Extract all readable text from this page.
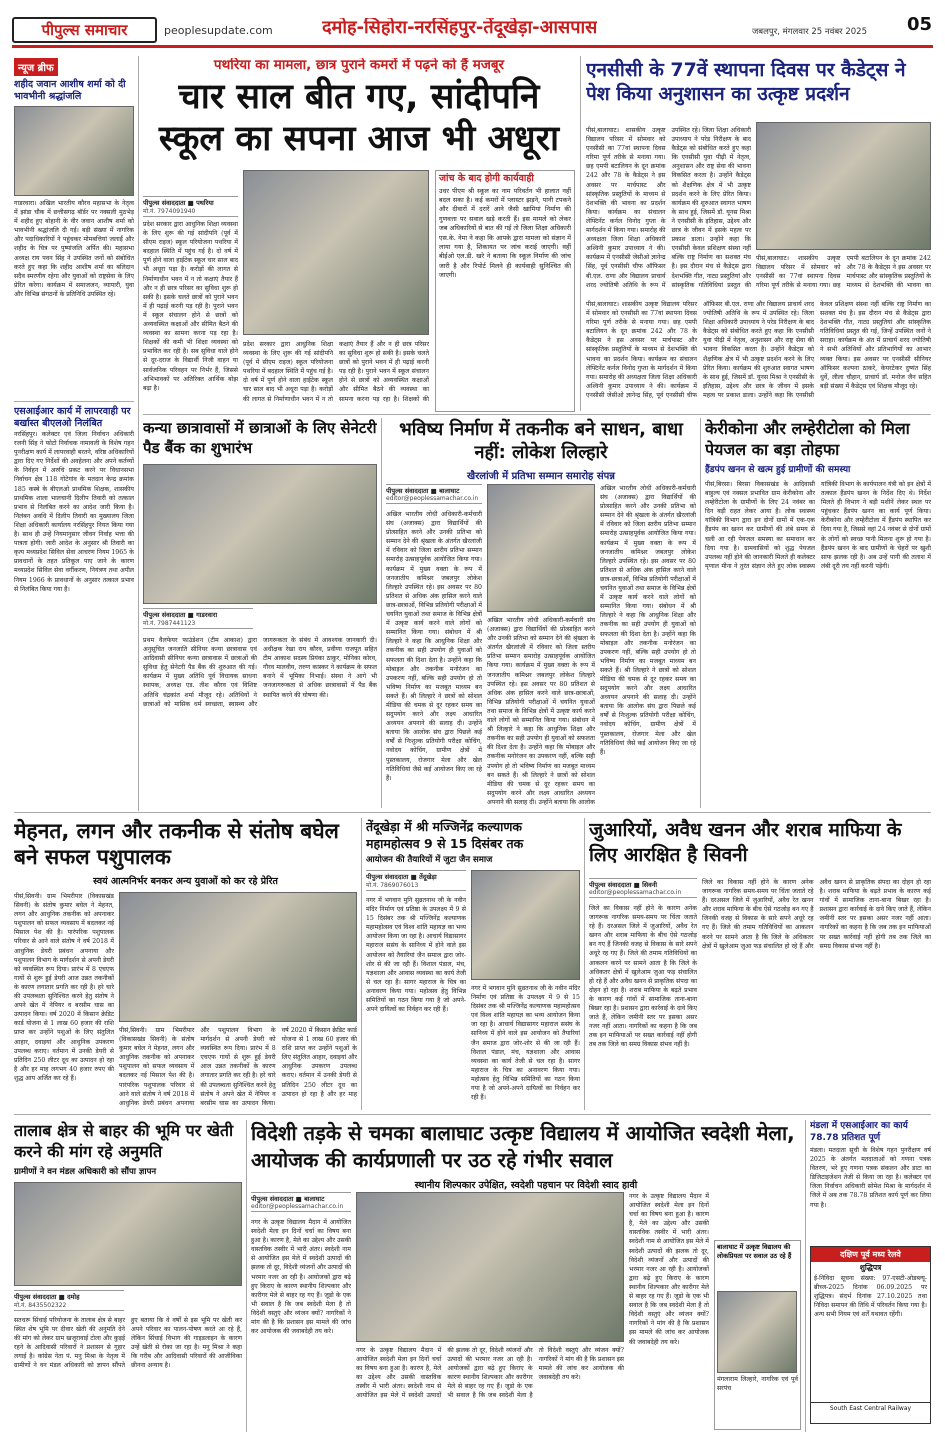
पीपुल्स समाचार	peoplesupdate.com	दमोह-सिहोरा-नरसिंहपुर-तेंदूखेड़ा-आसपास	जबलपुर, मंगलवार 25 नवंबर 2025 05
न्यूज ब्रीफ
शहीद जवान आशीष शर्मा को दी भावभीनी श्रद्धांजलि
गाडरवारा। अखिल भारतीय कौरव महासभा के नेतृत्व में झांडा चौक में छत्तीसगढ़ बॉर्डर पर नक्सली मुठभेड़ में शहीद हुए बोहानी के वीर जवान आशीष शर्मा को भावभीनी श्रद्धांजलि दी गई। बड़ी संख्या में नागरिक और पदाधिकारियों ने पहुंचकर मोमबत्तियां जलाईं और शहीद के चित्र पर पुष्पांजलि अर्पित की। महासभा अध्यक्ष राय पवन सिंह ने उपस्थित जनों को संबोधित करते हुए कहा कि शहीद आशीष शर्मा का बलिदान सदैव स्मरणीय रहेगा और युवाओं को राष्ट्रसेवा के लिए प्रेरित करेगा। कार्यक्रम में समाजजन, व्यापारी, युवा और विभिन्न संगठनों के प्रतिनिधि उपस्थित रहे।
एसआईआर कार्य में लापरवाही पर बर्खास्त बीएलओ निलंबित
नरसिंहपुर। कलेक्टर एवं जिला निर्वाचन अधिकारी रजनी सिंह ने फोटो निर्वाचक नामावली के विशेष गहन पुनरीक्षण कार्य में लापरवाही बरतने, वरिष्ठ अधिकारियों द्वारा दिए गए निर्देशों की अवहेलना और अपने कर्तव्यों के निर्वहन में अरुचि प्रकट करने पर विधानसभा निर्वाचन क्षेत्र 118 गोटेगांव के मतदान केन्द्र क्रमांक 185 कस्बे के बीएलओ प्राथमिक शिक्षक, शासकीय प्राथमिक शाला भालचानी दिलीप तिवारी को तत्काल प्रभाव से निलंबित करने का आदेश जारी किया है। निलंबन अवधि में दिलीप तिवारी का मुख्यालय जिला शिक्षा अधिकारी कार्यालय नरसिंहपुर नियत किया गया है। साथ ही उन्हें नियमानुसार जीवन निर्वाह भत्ता की पात्रता होगी। जारी आदेश के अनुसार श्री तिवारी का कृत्य मध्यप्रदेश सिविल सेवा आचरण नियम 1965 के प्रावधानों के तहत प्रतिकूल पाए जाने के कारण मध्यप्रदेश सिविल सेवा वर्गीकरण, नियंत्रण तथा अपील नियम 1966 के प्रावधानों के अनुसार तत्काल प्रभाव से निलंबित किया गया है।
पथरिया का मामला, छात्र पुराने कमरों में पढ़ने को हैं मजबूर
चार साल बीत गए, सांदीपनि स्कूल का सपना आज भी अधूरा
पीपुल्स संवाददाता ■ पथरिया
मो.नं. 7974091940
जांच के बाद होगी कार्यवाही
उधर पीएम श्री स्कूल का नाम परिवर्तन भी हालात नहीं बदल सका है। कई कमरों में प्लास्टर झड़ने, पानी टपकने और दीवारों में दरारें आने जैसी खामियां निर्माण की गुणवत्ता पर सवाल खड़े करती हैं। इस मामले को लेकर जब अधिकारियों से बात की गई तो जिला शिक्षा अधिकारी एस.के. नेमा ने कहा कि आपके द्वारा मामला को संज्ञान में लाया गया है, शिकायत पर जांच कराई जाएगी। वहीं बीईओ एल.डी. खरे ने बताया कि स्कूल निर्माण की जांच जारी है और रिपोर्ट मिलने ही कार्यवाही सुनिश्चित की जाएगी।
प्रदेश सरकार द्वारा आधुनिक शिक्षा व्यवस्था के लिए शुरू की गई सांदीपनि (पूर्व में सीएम राइज) स्कूल परियोजना पथरिया में बदहाल स्थिति में पहुंच गई है। दो वर्ष में पूर्ण होने वाला हाईटेक स्कूल चार साल बाद भी अधूरा पड़ा है। करोड़ों की लागत से निर्माणाधीन भवन में न तो कक्षाएं तैयार हैं और न ही छात्र परिसर का सुविधा शुरू हो सकी है। इसके चलते छात्रों को पुराने भवन में ही पढ़ाई करनी पड़ रही है। पुराने भवन में स्कूल संचालन होने से छात्रों को अव्यवस्थित कक्षाओं और सीमित बैठने की व्यवस्था का सामना करना पड़ रहा है। शिक्षकों की कमी भी शिक्षा व्यवस्था को प्रभावित कर रही है। सब सुविधा वाले होने से दूर-दराज के विद्यार्थी निजी वाहन या सार्वजनिक परिवहन पर निर्भर हैं, जिससे अभिभावकों पर अतिरिक्त आर्थिक बोझ बढ़ा है।
प्रदेश सरकार द्वारा आधुनिक शिक्षा व्यवस्था के लिए शुरू की गई सांदीपनि (पूर्व में सीएम राइज) स्कूल परियोजना पथरिया में बदहाल स्थिति में पहुंच गई है। दो वर्ष में पूर्ण होने वाला हाईटेक स्कूल चार साल बाद भी अधूरा पड़ा है। करोड़ों की लागत से निर्माणाधीन भवन में न तो कक्षाएं तैयार हैं और न ही छात्र परिसर का सुविधा शुरू हो सकी है। इसके चलते छात्रों को पुराने भवन में ही पढ़ाई करनी पड़ रही है। पुराने भवन में स्कूल संचालन होने से छात्रों को अव्यवस्थित कक्षाओं और सीमित बैठने की व्यवस्था का सामना करना पड़ रहा है। शिक्षकों की
एनसीसी के 77वें स्थापना दिवस पर कैडेट्स ने पेश किया अनुशासन का उत्कृष्ट प्रदर्शन
पीसं,बालाघाट। शासकीय उत्कृष्ट विद्यालय परिसर में सोमवार को एनसीसी का 77वां स्थापना दिवस गरिमा पूर्ण तरीके से मनाया गया। छह एमपी बटालियन के दून क्रमांक 242 और 78 के कैडेट्स ने इस अवसर पर मार्चपास्ट और सांस्कृतिक प्रस्तुतियों के माध्यम से देशभक्ति की भावना का प्रदर्शन किया। कार्यक्रम का संचालन लेफ्टिनेंट कर्नल विनोद गुप्ता के मार्गदर्शन में किया गया। समारोह की अध्यक्षता जिला शिक्षा अधिकारी अश्विनी कुमार उपाध्याय ने की। कार्यक्रम में एनसीसी जेसीओ ज्ञानेन्द्र सिंह, पूर्व एनसीसी चीफ ऑफिसर बी.एल. राणा और विद्यालय प्राचार्य शरद ज्योतिषी अतिथि के रूप में उपस्थित रहे। जिला शिक्षा अधिकारी उपाध्याय ने परेड निरीक्षण के बाद कैडेट्स को संबोधित करते हुए कहा कि एनसीसी युवा पीढ़ी में नेतृत्व, अनुशासन और राष्ट्र सेवा की भावना विकसित करता है। उन्होंने कैडेट्स को शैक्षणिक क्षेत्र में भी उत्कृष्ट प्रदर्शन करने के लिए प्रेरित किया। कार्यक्रम की शुरुआत स्वागत भाषण के साथ हुई, जिसमें डॉ. यूनस मिश्रा ने एनसीसी के इतिहास, उद्देश्य और छात्र के जीवन में इसके महत्व पर प्रकाश डाला। उन्होंने कहा कि एनसीसी केवल प्रशिक्षण संस्था नहीं बल्कि राष्ट्र निर्माण का सशक्त मंच है। इस दौरान मंच से कैडेट्स द्वारा देशभक्ति गीत, नाट्य प्रस्तुतियां और सांस्कृतिक गतिविधियां प्रस्तुत की
पीसं,बालाघाट। शासकीय उत्कृष्ट विद्यालय परिसर में सोमवार को एनसीसी का 77वां स्थापना दिवस गरिमा पूर्ण तरीके से मनाया गया। छह एमपी बटालियन के दून क्रमांक 242 और 78 के कैडेट्स ने इस अवसर पर मार्चपास्ट और सांस्कृतिक प्रस्तुतियों के माध्यम से देशभक्ति की भावना का प्रदर्शन किया। कार्यक्रम का संचालन लेफ्टिनेंट कर्नल विनोद गुप्ता के मार्गदर्शन में किया गया। समारोह की अध्यक्षता जिला शिक्षा अधिकारी अश्विनी कुमार उपाध्याय ने की। कार्यक्रम में एनसीसी जेसीओ ज्ञानेन्द्र सिंह, पूर्व एनसीसी चीफ ऑफिसर बी.एल. राणा और विद्यालय प्राचार्य शरद ज्योतिषी अतिथि के रूप में उपस्थित रहे। जिला शिक्षा अधिकारी उपाध्याय ने परेड निरीक्षण के बाद कैडेट्स को संबोधित करते हुए कहा कि एनसीसी युवा पीढ़ी में नेतृत्व, अनुशासन और राष्ट्र सेवा की भावना विकसित करता है। उन्होंने कैडेट्स को शैक्षणिक क्षेत्र में भी उत्कृष्ट प्रदर्शन करने के लिए प्रेरित किया। कार्यक्रम की शुरुआत स्वागत भाषण के साथ हुई, जिसमें डॉ. यूनस मिश्रा ने एनसीसी के इतिहास, उद्देश्य और छात्र के जीवन में इसके महत्व पर प्रकाश डाला। उन्होंने कहा कि एनसीसी केवल प्रशिक्षण संस्था नहीं बल्कि राष्ट्र निर्माण का सशक्त मंच है। इस दौरान मंच से कैडेट्स द्वारा देशभक्ति गीत, नाट्य प्रस्तुतियां और सांस्कृतिक गतिविधियां प्रस्तुत की गई, जिन्हें उपस्थित जनों ने सराहा। कार्यक्रम के अंत में प्राचार्य शरद ज्योतिषी ने सभी अतिथियों और प्रतिभागियों का आभार व्यक्त किया। इस अवसर पर एनसीसी सीनियर ऑफिसर कल्पना ठाकरे, केयरटेकर दुष्यंत सिंह धुर्वे, लीला चौहान, प्राचार्य डॉ. मनोज जैन सहित बड़ी संख्या में कैडेट्स एवं शिक्षक मौजूद रहे।
पीसं,बालाघाट। शासकीय उत्कृष्ट विद्यालय परिसर में सोमवार को एनसीसी का 77वां स्थापना दिवस गरिमा पूर्ण तरीके से मनाया गया। छह एमपी बटालियन के दून क्रमांक 242 और 78 के कैडेट्स ने इस अवसर पर मार्चपास्ट और सांस्कृतिक प्रस्तुतियों के माध्यम से देशभक्ति की भावना का
कन्या छात्रावासों में छात्राओं के लिए सेनेटरी पैड बैंक का शुभारंभ
पीपुल्स संवाददाता ■ गाडरवारा
मो.नं. 7987441123
प्रथम वैलफेयर फाउंडेशन (टीम आकाश) द्वारा अनुसूचित जनजाति सीनियर कन्या छात्रावास एवं आदिवासी सीनियर कन्या छात्रावास में छात्राओं की सुविधा हेतु सेनेटरी पैड बैंक की शुरुआत की गई। कार्यक्रम में मुख्य अतिथि पूर्व विधायक साधना स्थापक, अध्यक्ष एड. तीश कौरव एवं विशिष्ट अतिथि चंद्रकांत शर्मा मौजूद रहे। अतिथियों ने छात्राओं को मासिक धर्म स्वच्छता, स्वास्थ्य और जागरूकता के संबंध में आवश्यक जानकारी दी। अधीक्षक रेखा राय कौरव, प्रवीणा राजपूत सहित टीम आकाश सदस्य प्रियंका ठाकुर, मोनिका कोरव, गौरव मालवीय, तरुण कास्कर ने कार्यक्रम के सफल बनाने में भूमिका निभाई। संस्था ने आगे भी जनजागरूकता से अधिक छात्रावासों में पैड बैंक स्थापित करने की घोषणा की।
भविष्य निर्माण में तकनीक बने साधन, बाधा नहीं: लोकेश लिल्हारे
खैरलांजी में प्रतिभा सम्मान समारोह संपन्न
पीपुल्स संवाददाता ■ बालाघाट
editor@peoplessamachar.co.in
अखिल भारतीय लोधी अधिकारी-कर्मचारी संघ (अजाक्स) द्वारा विद्यार्थियों की प्रोत्साहित करने और उनकी प्रतिभा को सम्मान देने की श्रृंखला के अंतर्गत खैरलांजी में रविवार को जिला स्तरीय प्रतिभा सम्मान समारोह उत्साहपूर्वक आयोजित किया गया। कार्यक्रम में मुख्य वक्ता के रूप में जनजातीय कमिश्नर जबलपुर लोकेश लिल्हारे उपस्थित रहे। इस अवसर पर 80 प्रतिशत से अधिक अंक हासिल करने वाले छात्र-छात्राओं, विभिन्न प्रतियोगी परीक्षाओं में चयनित युवाओं तथा समाज के विभिन्न क्षेत्रों में उत्कृष्ट कार्य करने वाले लोगों को सम्मानित किया गया। संबोधन में श्री लिल्हारे ने कहा कि आधुनिक शिक्षा और तकनीक का सही उपयोग ही युवाओं को सफलता की दिशा देता है। उन्होंने कहा कि मोबाइल और तकनीक मनोरंजन का उपकरण नहीं, बल्कि सही उपयोग हो तो भविष्य निर्माण का मजबूत माध्यम बन सकते हैं। श्री लिल्हारे ने छात्रों को सोशल मीडिया की चमक से दूर रहकर समय का सदुपयोग करने और लक्ष्य आधारित अध्ययन अपनाने की सलाह दी। उन्होंने बताया कि आलोक संघ द्वारा पिछले कई वर्षों से निःशुल्क प्रतियोगी परीक्षा कोचिंग, नवोदय कोचिंग, ग्रामीण क्षेत्रों में पुस्तकालय, रोजगार मेला और खेल गतिविधियां जैसे कई आयोजन किए जा रहे हैं।
अखिल भारतीय लोधी अधिकारी-कर्मचारी संघ (अजाक्स) द्वारा विद्यार्थियों की प्रोत्साहित करने और उनकी प्रतिभा को सम्मान देने की श्रृंखला के अंतर्गत खैरलांजी में रविवार को जिला स्तरीय प्रतिभा सम्मान समारोह उत्साहपूर्वक आयोजित किया गया। कार्यक्रम में मुख्य वक्ता के रूप में जनजातीय कमिश्नर जबलपुर लोकेश लिल्हारे उपस्थित रहे। इस अवसर पर 80 प्रतिशत से अधिक अंक हासिल करने वाले छात्र-छात्राओं, विभिन्न प्रतियोगी परीक्षाओं में चयनित युवाओं तथा समाज के विभिन्न क्षेत्रों में उत्कृष्ट कार्य करने वाले लोगों को सम्मानित किया गया। संबोधन में श्री लिल्हारे ने कहा कि आधुनिक शिक्षा और तकनीक का सही उपयोग ही युवाओं को सफलता की दिशा देता है। उन्होंने कहा कि मोबाइल और तकनीक मनोरंजन का उपकरण नहीं, बल्कि सही उपयोग हो तो भविष्य निर्माण का मजबूत माध्यम बन सकते हैं। श्री लिल्हारे ने छात्रों को सोशल मीडिया की चमक से दूर रहकर समय का सदुपयोग करने और लक्ष्य आधारित अध्ययन अपनाने की सलाह दी। उन्होंने बताया कि आलोक
अखिल भारतीय लोधी अधिकारी-कर्मचारी संघ (अजाक्स) द्वारा विद्यार्थियों की प्रोत्साहित करने और उनकी प्रतिभा को सम्मान देने की श्रृंखला के अंतर्गत खैरलांजी में रविवार को जिला स्तरीय प्रतिभा सम्मान समारोह उत्साहपूर्वक आयोजित किया गया। कार्यक्रम में मुख्य वक्ता के रूप में जनजातीय कमिश्नर जबलपुर लोकेश लिल्हारे उपस्थित रहे। इस अवसर पर 80 प्रतिशत से अधिक अंक हासिल करने वाले छात्र-छात्राओं, विभिन्न प्रतियोगी परीक्षाओं में चयनित युवाओं तथा समाज के विभिन्न क्षेत्रों में उत्कृष्ट कार्य करने वाले लोगों को सम्मानित किया गया। संबोधन में श्री लिल्हारे ने कहा कि आधुनिक शिक्षा और तकनीक का सही उपयोग ही युवाओं को सफलता की दिशा देता है। उन्होंने कहा कि मोबाइल और तकनीक मनोरंजन का उपकरण नहीं, बल्कि सही उपयोग हो तो भविष्य निर्माण का मजबूत माध्यम बन सकते हैं। श्री लिल्हारे ने छात्रों को सोशल मीडिया की चमक से दूर रहकर समय का सदुपयोग करने और लक्ष्य आधारित अध्ययन अपनाने की सलाह दी। उन्होंने बताया कि आलोक संघ द्वारा पिछले कई वर्षों से निःशुल्क प्रतियोगी परीक्षा कोचिंग, नवोदय कोचिंग, ग्रामीण क्षेत्रों में पुस्तकालय, रोजगार मेला और खेल गतिविधियां जैसे कई आयोजन किए जा रहे हैं।
केरीकोना और लम्हेरीटोला को मिला पेयजल का बड़ा तोहफा
हैंडपंप खनन से खत्म हुई ग्रामीणों की समस्या
पीसं,बिरसा। बिरसा विकासखंड के आदिवासी बाहुल्य एवं नक्सल प्रभावित ग्राम केरीकोना और लम्हेरीटोला के ग्रामीणों के लिए 24 नवंबर का दिन बड़ी राहत लेकर आया है। लोक स्वास्थ्य यांत्रिकी विभाग द्वारा इन दोनों ग्रामों में एक-एक हैंडपंप का खनन कर ग्रामीणों की लंबे समय से चली आ रही पेयजल समस्या का समाधान कर दिया गया है। ग्रामवासियों को शुद्ध पेयजल उपलब्ध नहीं होने की जानकारी मिलते ही कलेक्टर मृणाल मीना ने तुरंत संज्ञान लेते हुए लोक स्वास्थ्य यांत्रिकी विभाग के कार्यपालन यंत्री को इन क्षेत्रों में तत्काल हैंडपंप खनन के निर्देश दिए थे। निर्देश मिलते ही विभाग ने बड़ी मशीनें लेकर स्थल पर पहुंचकर हैंडपंप खनन का कार्य पूर्ण किया। केरीकोना और लम्हेरीटोला में हैंडपंप स्थापित कर दिया गया है, जिससे वहां 24 नवंबर से दोनों ग्रामों के लोगों को स्वच्छ पानी मिलना शुरू हो गया है। हैंडपंप खनन के बाद ग्रामीणों के चेहरों पर खुशी साफ झलक रही है। अब उन्हें पानी की तलाश में लंबी दूरी तय नहीं करनी पड़ेगी।
मेहनत, लगन और तकनीक से संतोष बघेल बने सफल पशुपालक
स्वयं आत्मनिर्भर बनकर अन्य युवाओं को कर रहे प्रेरित
पीसं,सिवनी। ग्राम भिमरीपार (विकासखंड सिवनी) के संतोष कुमार बघेल ने मेहनत, लगन और आधुनिक तकनीक को अपनाकर पशुपालन को सफल व्यवसाय में बदलकर नई मिसाल पेश की है। पारंपरिक पशुपालक परिवार से आने वाले संतोष ने वर्ष 2018 में आधुनिक डेयरी प्रबंधन अपनाया और पशुपालन विभाग के मार्गदर्शन से अपनी डेयरी को व्यवस्थित रूप दिया। प्रारंभ में 8 एचएफ गायों से शुरू हुई डेयरी आज उन्नत तकनीकों के कारण लगातार प्रगति कर रही है। हरे चारे की उपलब्धता सुनिश्चित करने हेतु संतोष ने अपने खेत में नेपियर व बरसीम घास का उत्पादन किया। वर्ष 2020 में किसान क्रेडिट कार्ड योजना से 1 लाख 60 हजार की राशि प्राप्त कर उन्होंने पशुओं के लिए संतुलित आहार, दवाइयां और आधुनिक उपकरण उपलब्ध कराए। वर्तमान में उनकी डेयरी से प्रतिदिन 250 लीटर दूध का उत्पादन हो रहा है और हर माह लगभग 40 हजार रुपए की शुद्ध आय अर्जित कर रहे हैं।
पीसं,सिवनी। ग्राम भिमरीपार (विकासखंड सिवनी) के संतोष कुमार बघेल ने मेहनत, लगन और आधुनिक तकनीक को अपनाकर पशुपालन को सफल व्यवसाय में बदलकर नई मिसाल पेश की है। पारंपरिक पशुपालक परिवार से आने वाले संतोष ने वर्ष 2018 में आधुनिक डेयरी प्रबंधन अपनाया और पशुपालन विभाग के मार्गदर्शन से अपनी डेयरी को व्यवस्थित रूप दिया। प्रारंभ में 8 एचएफ गायों से शुरू हुई डेयरी आज उन्नत तकनीकों के कारण लगातार प्रगति कर रही है। हरे चारे की उपलब्धता सुनिश्चित करने हेतु संतोष ने अपने खेत में नेपियर व बरसीम घास का उत्पादन किया। वर्ष 2020 में किसान क्रेडिट कार्ड योजना से 1 लाख 60 हजार की राशि प्राप्त कर उन्होंने पशुओं के लिए संतुलित आहार, दवाइयां और आधुनिक उपकरण उपलब्ध कराए। वर्तमान में उनकी डेयरी से प्रतिदिन 250 लीटर दूध का उत्पादन हो रहा है और हर माह
तेंदूखेड़ा में श्री मज्जिनेंद्र कल्याणक महामहोत्सव 9 से 15 दिसंबर तक
आयोजन की तैयारियों में जुटा जैन समाज
पीपुल्स संवाददाता ■ तेंदूखेड़ा
मो.नं. 7869076013
नगर में भगवान मुनि सुव्रतनाथ जी के नवीन मंदिर निर्माण एवं प्रतिष्ठा के उपलक्ष्य में 9 से 15 दिसंबर तक श्री मज्जिनेंद्र कल्याणक महामहोत्सव एवं विश्व शांति महायज्ञ का भव्य आयोजन किया जा रहा है। आचार्य विद्यासागर महाराज ससंघ के सानिध्य में होने वाले इस आयोजन को तैयारियां जैन समाज द्वारा जोर-शोर से की जा रही हैं। विशाल पंडाल, मंच, यज्ञशाला और आवास व्यवस्था का कार्य तेजी से चल रहा है। सागर महाराज के चित्र का अनावरण किया गया। महोत्सव हेतु विभिन्न समितियों का गठन किया गया है जो अपने-अपने दायित्वों का निर्वहन कर रही हैं।
नगर में भगवान मुनि सुव्रतनाथ जी के नवीन मंदिर निर्माण एवं प्रतिष्ठा के उपलक्ष्य में 9 से 15 दिसंबर तक श्री मज्जिनेंद्र कल्याणक महामहोत्सव एवं विश्व शांति महायज्ञ का भव्य आयोजन किया जा रहा है। आचार्य विद्यासागर महाराज ससंघ के सानिध्य में होने वाले इस आयोजन को तैयारियां जैन समाज द्वारा जोर-शोर से की जा रही हैं। विशाल पंडाल, मंच, यज्ञशाला और आवास व्यवस्था का कार्य तेजी से चल रहा है। सागर महाराज के चित्र का अनावरण किया गया। महोत्सव हेतु विभिन्न समितियों का गठन किया गया है जो अपने-अपने दायित्वों का निर्वहन कर रही हैं।
जुआरियों, अवैध खनन और शराब माफिया के लिए आरक्षित है सिवनी
पीपुल्स संवाददाता ■ सिवनी
editor@peoplessamachar.co.in
जिले का विकास नहीं होने के कारण अनेक जागरूक नागरिक समय-समय पर चिंता जताते रहे हैं। दरअसल जिले में जुआरियों, अवैध रेत खनन और शराब माफिया के बीच ऐसे गठजोड़ बन गए हैं जिनकी वजह से विकास के सारे सपने अधूरे रह गए हैं। जिले की तमाम गतिविधियों का आकलन करने पर सामने आता है कि जिले के अधिकतर क्षेत्रों में खुलेआम जुआ फड़ संचालित हो रहे हैं और अवैध खनन से प्राकृतिक संपदा का दोहन हो रहा है। शराब माफिया के बढ़ते प्रभाव के कारण कई गांवों में सामाजिक ताना-बाना बिखर रहा है। प्रशासन द्वारा कार्रवाई के दावे किए जाते हैं, लेकिन जमीनी स्तर पर इसका असर नजर नहीं आता। नागरिकों का कहना है कि जब तक इन माफियाओं पर सख्त कार्रवाई नहीं होगी तब तक जिले का समग्र विकास संभव नहीं है।
जिले का विकास नहीं होने के कारण अनेक जागरूक नागरिक समय-समय पर चिंता जताते रहे हैं। दरअसल जिले में जुआरियों, अवैध रेत खनन और शराब माफिया के बीच ऐसे गठजोड़ बन गए हैं जिनकी वजह से विकास के सारे सपने अधूरे रह गए हैं। जिले की तमाम गतिविधियों का आकलन करने पर सामने आता है कि जिले के अधिकतर क्षेत्रों में खुलेआम जुआ फड़ संचालित हो रहे हैं और अवैध खनन से प्राकृतिक संपदा का दोहन हो रहा है। शराब माफिया के बढ़ते प्रभाव के कारण कई गांवों में सामाजिक ताना-बाना बिखर रहा है। प्रशासन द्वारा कार्रवाई के दावे किए जाते हैं, लेकिन जमीनी स्तर पर इसका असर नजर नहीं आता। नागरिकों का कहना है कि जब तक इन माफियाओं पर सख्त कार्रवाई नहीं होगी तब तक जिले का समग्र विकास संभव नहीं है।
तालाब क्षेत्र से बाहर की भूमि पर खेती करने की मांग रहे अनुमति
ग्रामीणों ने वन मंडल अधिकारी को सौंपा ज्ञापन
पीपुल्स संवाददाता ■ दमोह
मो.नं. 8435502322
सतधरू सिंचाई परियोजना के तालाब क्षेत्र से बाहर स्थित शेष भूमि पर दीवार खेती की अनुमति देने की मांग को लेकर ग्राम खजूरावाई टोला और कुड़ई रहने के आदिवासी परिवारों ने प्रशासन से गुहार लगाई है। कांग्रेस नेता पं. मनु मिश्रा के नेतृत्व में ग्रामीणों ने वन मंडल अधिकारी को ज्ञापन सौंपते हुए बताया कि वे वर्षों से इस भूमि पर खेती कर अपने परिवार का पालन-पोषण करते आ रहे हैं, लेकिन सिंचाई विभाग की गाइडलाइन के कारण उन्हें खेती से रोका जा रहा है। मनु मिश्रा ने कहा कि गरीब और आदिवासी परिवारों की आजीविका छीनना अन्याय है।
विदेशी तड़के से चमका बालाघाट उत्कृष्ट विद्यालय में आयोजित स्वदेशी मेला, आयोजक की कार्यप्रणाली पर उठ रहे गंभीर सवाल
स्थानीय शिल्पकार उपेक्षित, स्वदेशी पहचान पर विदेशी स्वाद हावी
पीपुल्स संवाददाता ■ बालाघाट
editor@peoplessamachar.co.in
नगर के उत्कृष्ट विद्यालय मैदान में आयोजित स्वदेशी मेला इन दिनों चर्चा का विषय बना हुआ है। कारण है, मेले का उद्देश्य और उसकी वास्तविक तस्वीर में भारी अंतर। स्वदेशी नाम से आयोजित इस मेले में स्वदेशी उत्पादों की झलक तो दूर, विदेशी व्यंजनों और उत्पादों की भरमार नजर आ रही है। आयोजकों द्वारा बढ़े हुए किराए के कारण स्थानीय शिल्पकार और कारीगर मेले से बाहर रह गए हैं। जूडो के एक भी सवाल है कि जब स्वदेशी मेला है तो विदेशी वस्तुएं और व्यंजन क्यों? नागरिकों ने मांग की है कि प्रशासन इस मामले की जांच कर आयोजक की जवाबदेही तय करे।
नगर के उत्कृष्ट विद्यालय मैदान में आयोजित स्वदेशी मेला इन दिनों चर्चा का विषय बना हुआ है। कारण है, मेले का उद्देश्य और उसकी वास्तविक तस्वीर में भारी अंतर। स्वदेशी नाम से आयोजित इस मेले में स्वदेशी उत्पादों की झलक तो दूर, विदेशी व्यंजनों और उत्पादों की भरमार नजर आ रही है। आयोजकों द्वारा बढ़े हुए किराए के कारण स्थानीय शिल्पकार और कारीगर मेले से बाहर रह गए हैं। जूडो के एक भी सवाल है कि जब स्वदेशी मेला है तो विदेशी वस्तुएं और व्यंजन क्यों? नागरिकों ने मांग की है कि प्रशासन इस मामले की जांच कर आयोजक की जवाबदेही तय करे।
नगर के उत्कृष्ट विद्यालय मैदान में आयोजित स्वदेशी मेला इन दिनों चर्चा का विषय बना हुआ है। कारण है, मेले का उद्देश्य और उसकी वास्तविक तस्वीर में भारी अंतर। स्वदेशी नाम से आयोजित इस मेले में स्वदेशी उत्पादों की झलक तो दूर, विदेशी व्यंजनों और उत्पादों की भरमार नजर आ रही है। आयोजकों द्वारा बढ़े हुए किराए के कारण स्थानीय शिल्पकार और कारीगर मेले से बाहर रह गए हैं। जूडो के एक भी सवाल है कि जब स्वदेशी मेला है तो विदेशी वस्तुएं और व्यंजन क्यों? नागरिकों ने मांग की है कि प्रशासन इस मामले की जांच कर आयोजक की जवाबदेही तय करे।
बालाघाट में उत्कृष्ट विद्यालय की लोकप्रियता पर सवाल उठ रहे हैं
मंगलाराम लिल्हारे, नागरिक एवं पूर्व सरपंच
मंडला में एसआईआर का कार्य 78.78 प्रतिशत पूर्ण
मंडला। मतदाता सूची के विशेष गहन पुनरीक्षण वर्ष 2025 के अंतर्गत मतदाताओं को गणना पत्रक वितरण, भरे हुए गणना पत्रक संकलन और डाटा का डिजिटाइजेशन तेजी से किया जा रहा है। कलेक्टर एवं जिला निर्वाचन अधिकारी सोमेश मिश्रा के मार्गदर्शन में जिले में अब तक 78.78 प्रतिशत कार्य पूर्ण कर लिया गया है।
दक्षिण पूर्व मध्य रेलवे
शुद्धिपत्र
ई-निविदा सूचना संख्या: 97-एसटी-ओडब्ल्यू-ब्रीच्ज-2025 दिनांक 06.09.2025 पर शुद्धिपत्र। संदर्भ दिनांक 27.10.2025 तथा निविदा समापन की तिथि में परिवर्तन किया गया है। अन्य सभी नियम एवं शर्तें यथावत रहेंगी।
South East Central Railway
